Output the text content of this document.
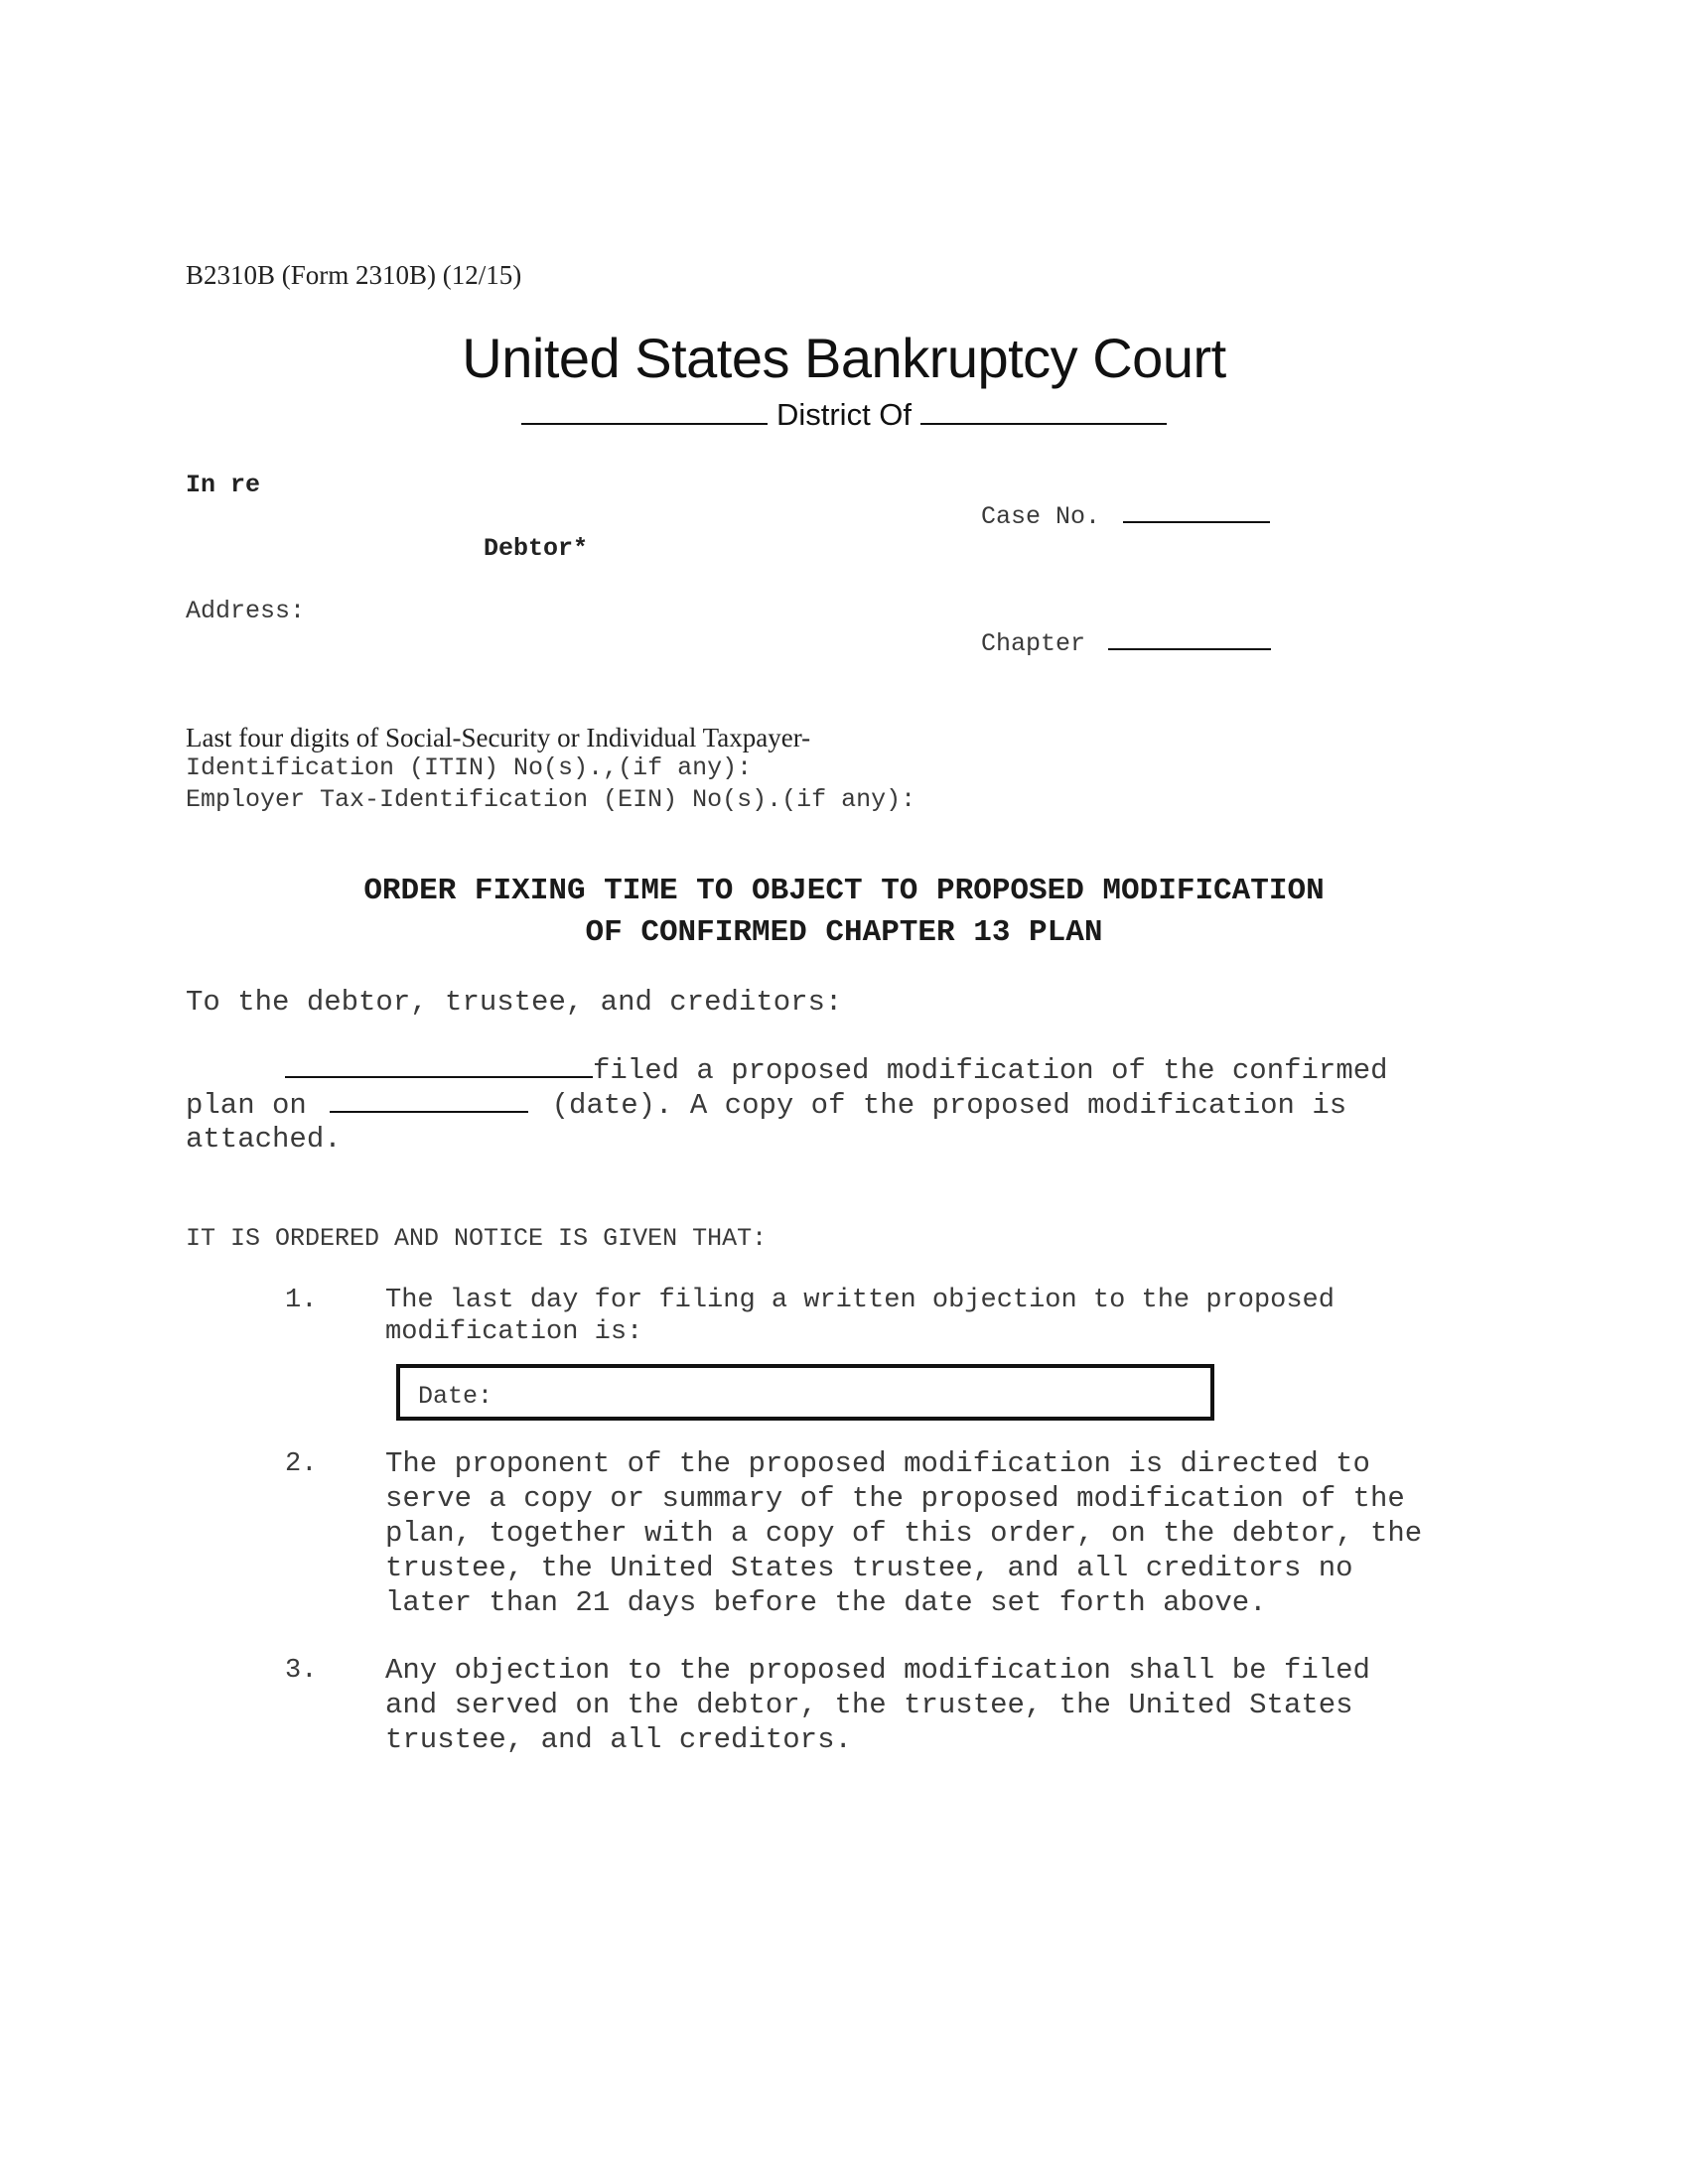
B2310B (Form 2310B) (12/15)
United States Bankruptcy Court
District Of
In re
Debtor*
Address:
Case No.
Chapter
Last four digits of Social-Security or Individual Taxpayer-
Identification (ITIN) No(s).,(if any):
Employer Tax-Identification (EIN) No(s).(if any):
ORDER FIXING TIME TO OBJECT TO PROPOSED MODIFICATION
OF CONFIRMED CHAPTER 13 PLAN
To the debtor, trustee, and creditors:
filed a proposed modification of the confirmed
plan on	(date). A copy of the proposed modification is
attached.
IT IS ORDERED AND NOTICE IS GIVEN THAT:
1.	The last day for filing a written objection to the proposed
modification is:
Date:
2. The proponent of the proposed modification is directed to
serve a copy or summary of the proposed modification of the
plan, together with a copy of this order, on the debtor, the
trustee, the United States trustee, and all creditors no
later than 21 days before the date set forth above.
3. Any objection to the proposed modification shall be filed
and served on the debtor, the trustee, the United States
trustee, and all creditors.
